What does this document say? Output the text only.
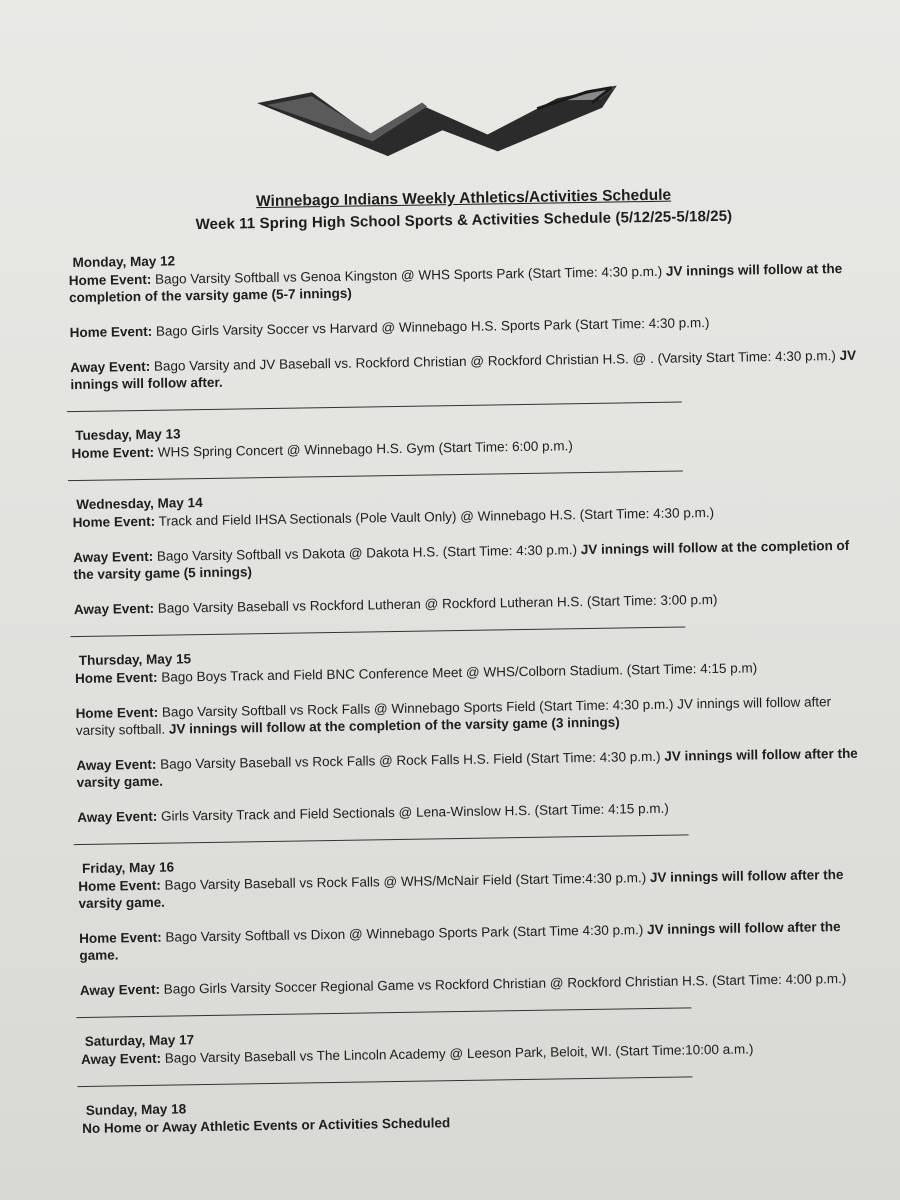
Winnebago Indians Weekly Athletics/Activities Schedule
Week 11 Spring High School Sports & Activities Schedule (5/12/25-5/18/25)
Monday, May 12
Home Event: Bago Varsity Softball vs Genoa Kingston @ WHS Sports Park (Start Time: 4:30 p.m.) JV innings will follow at the completion of the varsity game (5-7 innings)
Home Event: Bago Girls Varsity Soccer vs Harvard @ Winnebago H.S. Sports Park (Start Time: 4:30 p.m.)
Away Event: Bago Varsity and JV Baseball vs. Rockford Christian @ Rockford Christian H.S. @ . (Varsity Start Time: 4:30 p.m.) JV innings will follow after.
Tuesday, May 13
Home Event: WHS Spring Concert @ Winnebago H.S. Gym (Start Time: 6:00 p.m.)
Wednesday, May 14
Home Event: Track and Field IHSA Sectionals (Pole Vault Only) @ Winnebago H.S. (Start Time: 4:30 p.m.)
Away Event: Bago Varsity Softball vs Dakota @ Dakota H.S. (Start Time: 4:30 p.m.) JV innings will follow at the completion of the varsity game (5 innings)
Away Event: Bago Varsity Baseball vs Rockford Lutheran @ Rockford Lutheran H.S. (Start Time: 3:00 p.m)
Thursday, May 15
Home Event: Bago Boys Track and Field BNC Conference Meet @ WHS/Colborn Stadium. (Start Time: 4:15 p.m)
Home Event: Bago Varsity Softball vs Rock Falls @ Winnebago Sports Field (Start Time: 4:30 p.m.) JV innings will follow after varsity softball. JV innings will follow at the completion of the varsity game (3 innings)
Away Event: Bago Varsity Baseball vs Rock Falls @ Rock Falls H.S. Field (Start Time: 4:30 p.m.) JV innings will follow after the varsity game.
Away Event: Girls Varsity Track and Field Sectionals @ Lena-Winslow H.S. (Start Time: 4:15 p.m.)
Friday, May 16
Home Event: Bago Varsity Baseball vs Rock Falls @ WHS/McNair Field (Start Time:4:30 p.m.) JV innings will follow after the varsity game.
Home Event: Bago Varsity Softball vs Dixon @ Winnebago Sports Park (Start Time 4:30 p.m.) JV innings will follow after the game.
Away Event: Bago Girls Varsity Soccer Regional Game vs Rockford Christian @ Rockford Christian H.S. (Start Time: 4:00 p.m.)
Saturday, May 17
Away Event: Bago Varsity Baseball vs The Lincoln Academy @ Leeson Park, Beloit, WI. (Start Time:10:00 a.m.)
Sunday, May 18
No Home or Away Athletic Events or Activities Scheduled
